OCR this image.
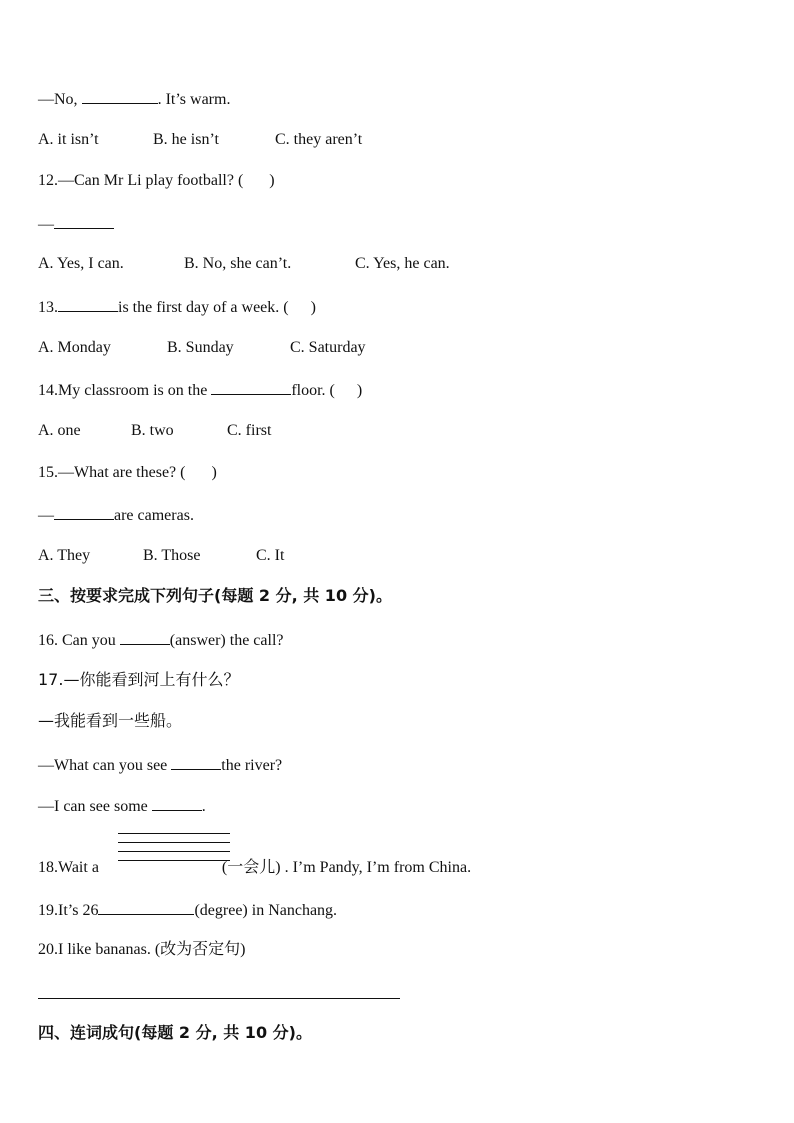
—No,	. It’s warm.
A. it isn’t	B. he isn’t	C. they aren’t
12.—Can Mr Li play football? ( )
—
A. Yes, I can.	B. No, she can’t.	C. Yes, he can.
13.	is the first day of a week. ( )
A. Monday	B. Sunday	C. Saturday
14.My classroom is on the	floor. ( )
A. one	B. two	C. first
15.—What are these? ( )
—	are cameras.
A. They	B. Those	C. It
三、按要求完成下列句子(每题 2 分, 共 10 分)。
16. Can you	(answer) the call?
17.—你能看到河上有什么？
—我能看到一些船。
—What can you see	the river?
—I can see some	.
18.Wait a	(一会儿) . I’m Pandy, I’m from China.
19.It’s 26	(degree) in Nanchang.
20.I like bananas. (改为否定句)
四、连词成句(每题 2 分, 共 10 分)。
